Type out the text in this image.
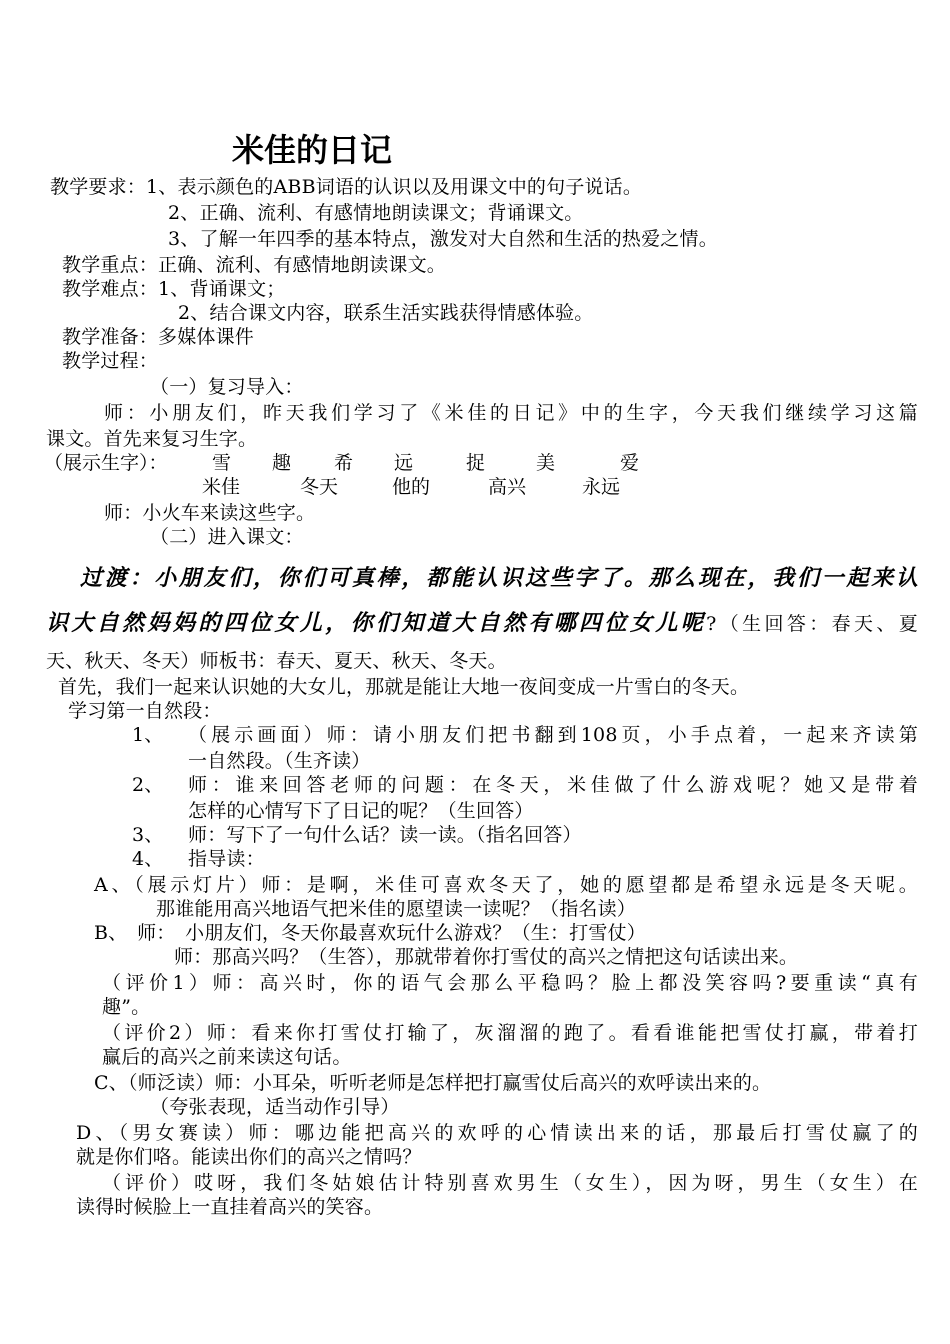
米佳的日记
教学要求： 1、表示颜色的ABB词语的认识以及用课文中的句子说话。
2、正确、流利、有感情地朗读课文；背诵课文。
3、了解一年四季的基本特点，激发对大自然和生活的热爱之情。
教学重点：正确、流利、有感情地朗读课文。
教学难点：1、背诵课文；
2、结合课文内容，联系生活实践获得情感体验。
教学准备：多媒体课件
教学过程：
（一）复习导入：
师：小朋友们，昨天我们学习了《米佳的日记》中的生字，今天我们继续学习这篇
课文。首先来复习生字。
（展示生字）： 雪 趣 希 远	捉	美	爱
米佳	冬天	他的	高兴	永远
师：小火车来读这些字。
（二）进入课文：
过渡：小朋友们，你们可真棒，都能认识这些字了。那么现在，我们一起来认
识大自然妈妈的四位女儿，你们知道大自然有哪四位女儿呢?（生回答：春天、夏
天、秋天、冬天）师板书：春天、夏天、秋天、冬天。
首先，我们一起来认识她的大女儿，那就是能让大地一夜间变成一片雪白的冬天。
学习第一自然段：
1、 （展示画面）师：请小朋友们把书翻到108页，小手点着，一起来齐读第
一自然段。（生齐读）
2、 师：谁来回答老师的问题：在冬天，米佳做了什么游戏呢？她又是带着
怎样的心情写下了日记的呢？（生回答）
3、 师：写下了一句什么话？读一读。（指名回答）
4、 指导读：
A、（展示灯片）师：是啊，米佳可喜欢冬天了，她的愿望都是希望永远是冬天呢。
那谁能用高兴地语气把米佳的愿望读一读呢？（指名读）
B、　师：　小朋友们，冬天你最喜欢玩什么游戏？（生：打雪仗）
师：那高兴吗？（生答），那就带着你打雪仗的高兴之情把这句话读出来。
（评价1）师：高兴时，你的语气会那么平稳吗？脸上都没笑容吗?要重读“真有
趣”。
（评价2）师：看来你打雪仗打输了，灰溜溜的跑了。看看谁能把雪仗打赢，带着打
赢后的高兴之前来读这句话。
C、（师泛读）师：小耳朵，听听老师是怎样把打赢雪仗后高兴的欢呼读出来的。
（夸张表现，适当动作引导）
D、（男女赛读）师：哪边能把高兴的欢呼的心情读出来的话，那最后打雪仗赢了的
就是你们咯。能读出你们的高兴之情吗？
（评价）哎呀，我们冬姑娘估计特别喜欢男生（女生），因为呀，男生（女生）在
读得时候脸上一直挂着高兴的笑容。
